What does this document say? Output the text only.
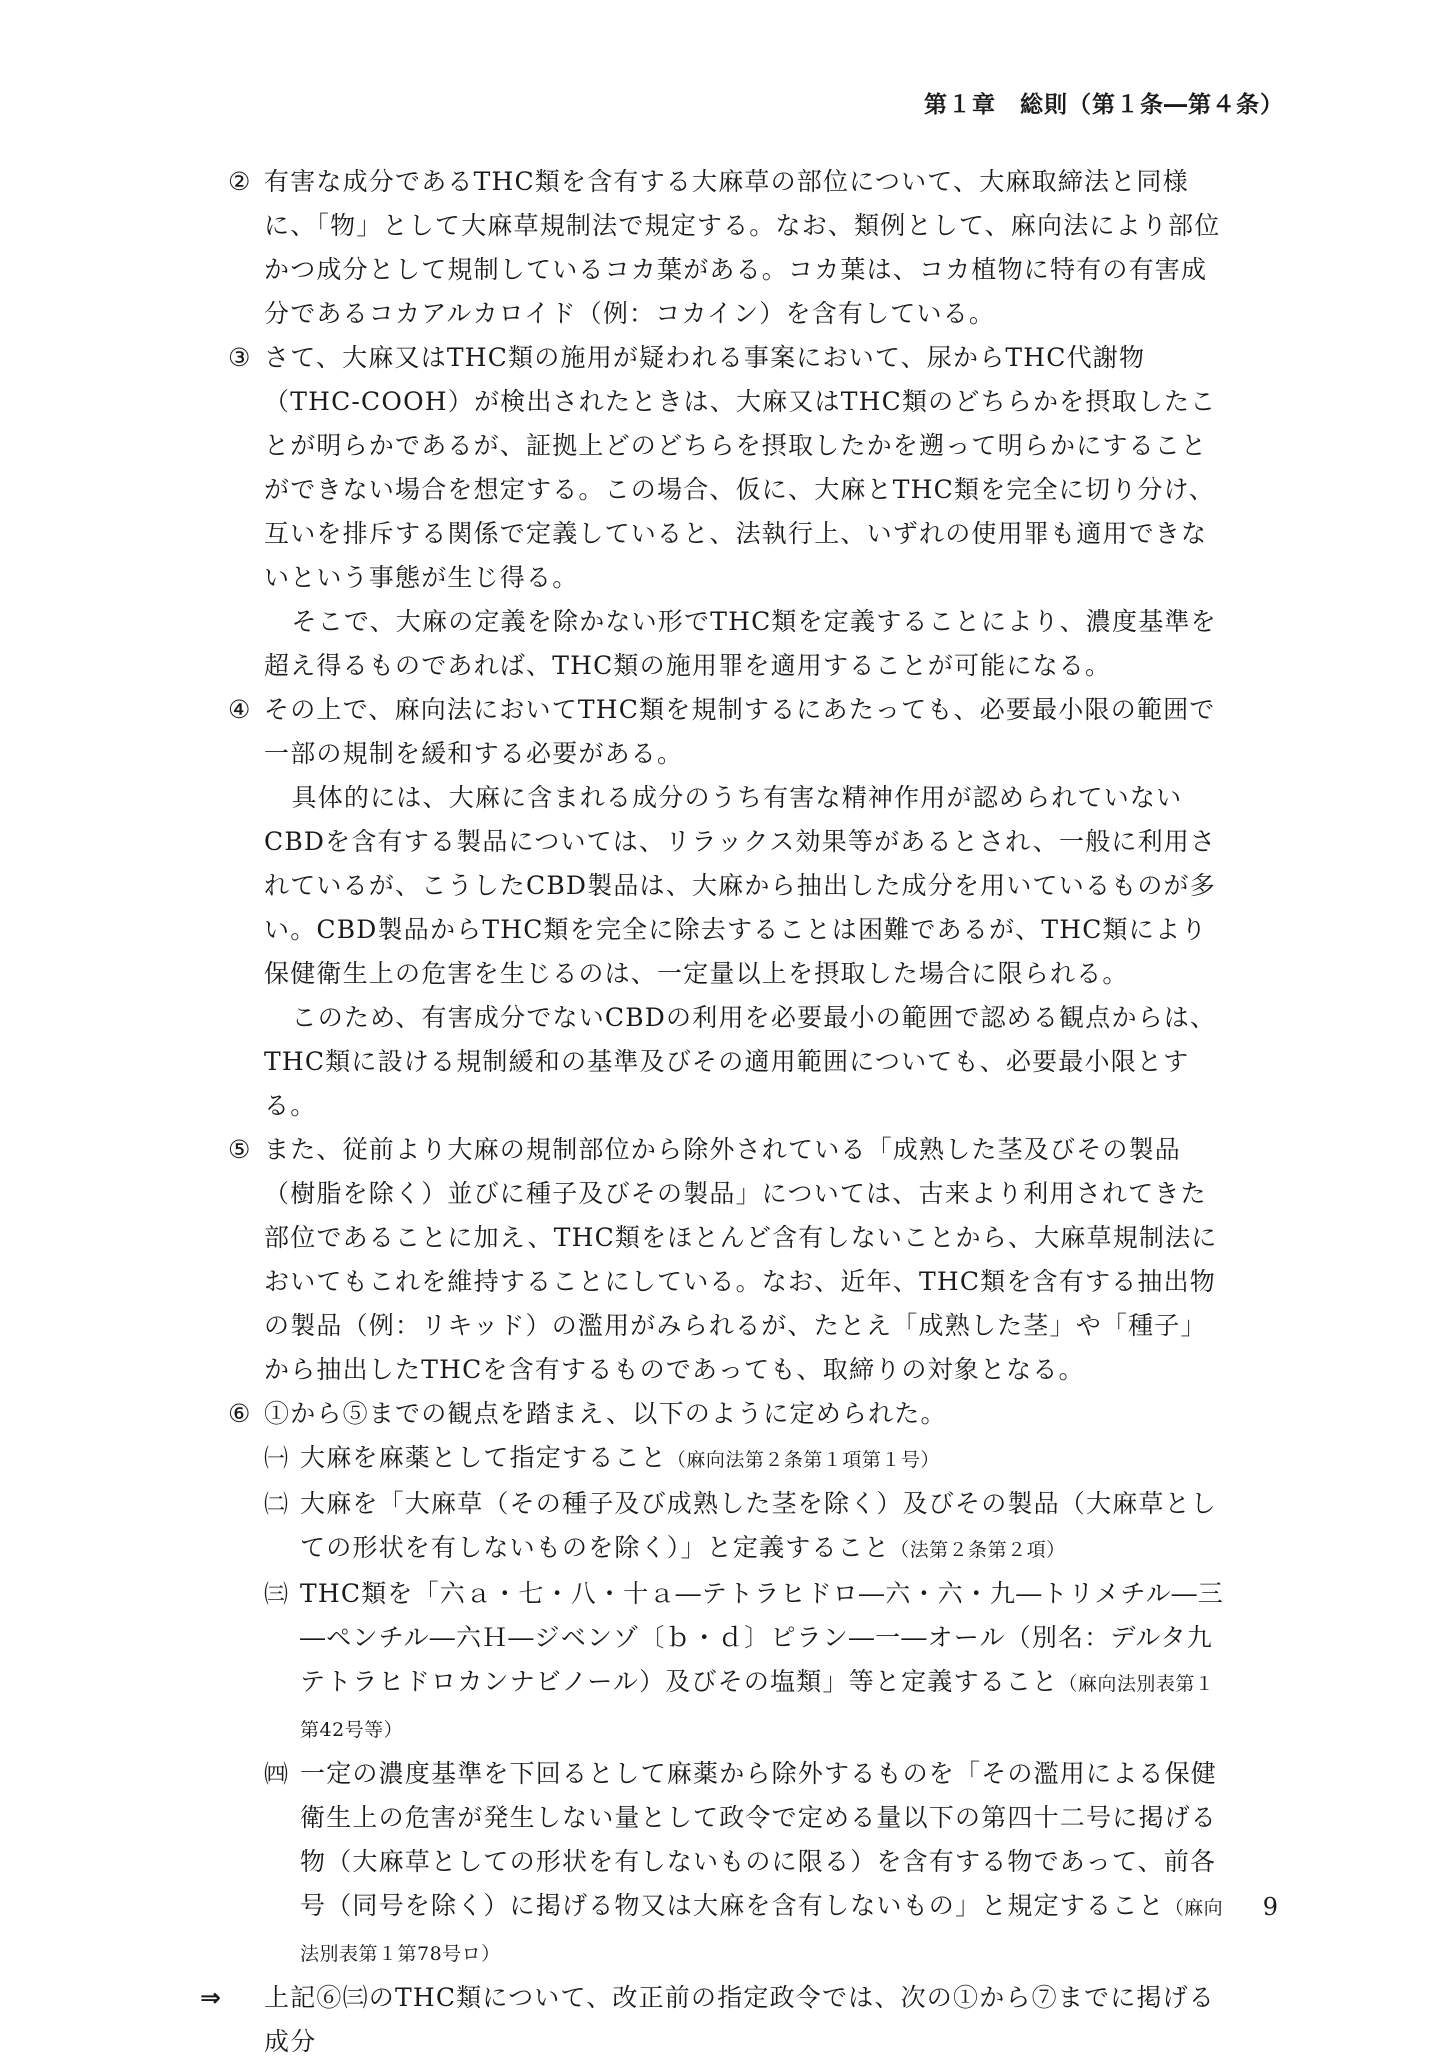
第１章　総則（第１条―第４条）
② 有害な成分であるTHC類を含有する大麻草の部位について、大麻取締法と同様に、「物」として大麻草規制法で規定する。なお、類例として、麻向法により部位かつ成分として規制しているコカ葉がある。コカ葉は、コカ植物に特有の有害成分であるコカアルカロイド（例：コカイン）を含有している。
③ さて、大麻又はTHC類の施用が疑われる事案において、尿からTHC代謝物（THC-COOH）が検出されたときは、大麻又はTHC類のどちらかを摂取したことが明らかであるが、証拠上どのどちらを摂取したかを遡って明らかにすることができない場合を想定する。この場合、仮に、大麻とTHC類を完全に切り分け、互いを排斥する関係で定義していると、法執行上、いずれの使用罪も適用できないという事態が生じ得る。
そこで、大麻の定義を除かない形でTHC類を定義することにより、濃度基準を超え得るものであれば、THC類の施用罪を適用することが可能になる。
④ その上で、麻向法においてTHC類を規制するにあたっても、必要最小限の範囲で一部の規制を緩和する必要がある。
具体的には、大麻に含まれる成分のうち有害な精神作用が認められていないCBDを含有する製品については、リラックス効果等があるとされ、一般に利用されているが、こうしたCBD製品は、大麻から抽出した成分を用いているものが多い。CBD製品からTHC類を完全に除去することは困難であるが、THC類により保健衛生上の危害を生じるのは、一定量以上を摂取した場合に限られる。
このため、有害成分でないCBDの利用を必要最小の範囲で認める観点からは、THC類に設ける規制緩和の基準及びその適用範囲についても、必要最小限とする。
⑤ また、従前より大麻の規制部位から除外されている「成熟した茎及びその製品（樹脂を除く）並びに種子及びその製品」については、古来より利用されてきた部位であることに加え、THC類をほとんど含有しないことから、大麻草規制法においてもこれを維持することにしている。なお、近年、THC類を含有する抽出物の製品（例：リキッド）の濫用がみられるが、たとえ「成熟した茎」や「種子」から抽出したTHCを含有するものであっても、取締りの対象となる。
⑥ ①から⑤までの観点を踏まえ、以下のように定められた。
㈠ 大麻を麻薬として指定すること（麻向法第２条第１項第１号）
㈡ 大麻を「大麻草（その種子及び成熟した茎を除く）及びその製品（大麻草としての形状を有しないものを除く）」と定義すること（法第２条第２項）
㈢ THC類を「六ａ・七・八・十ａ―テトラヒドロ―六・六・九―トリメチル―三―ペンチル―六Ｈ―ジベンゾ〔ｂ・ｄ〕ピラン―一―オール（別名：デルタ九テトラヒドロカンナビノール）及びその塩類」等と定義すること（麻向法別表第１第42号等）
㈣ 一定の濃度基準を下回るとして麻薬から除外するものを「その濫用による保健衛生上の危害が発生しない量として政令で定める量以下の第四十二号に掲げる物（大麻草としての形状を有しないものに限る）を含有する物であって、前各号（同号を除く）に掲げる物又は大麻を含有しないもの」と規定すること（麻向法別表第１第78号ロ）
⇒ 上記⑥㈢のTHC類について、改正前の指定政令では、次の①から⑦までに掲げる成分
9
